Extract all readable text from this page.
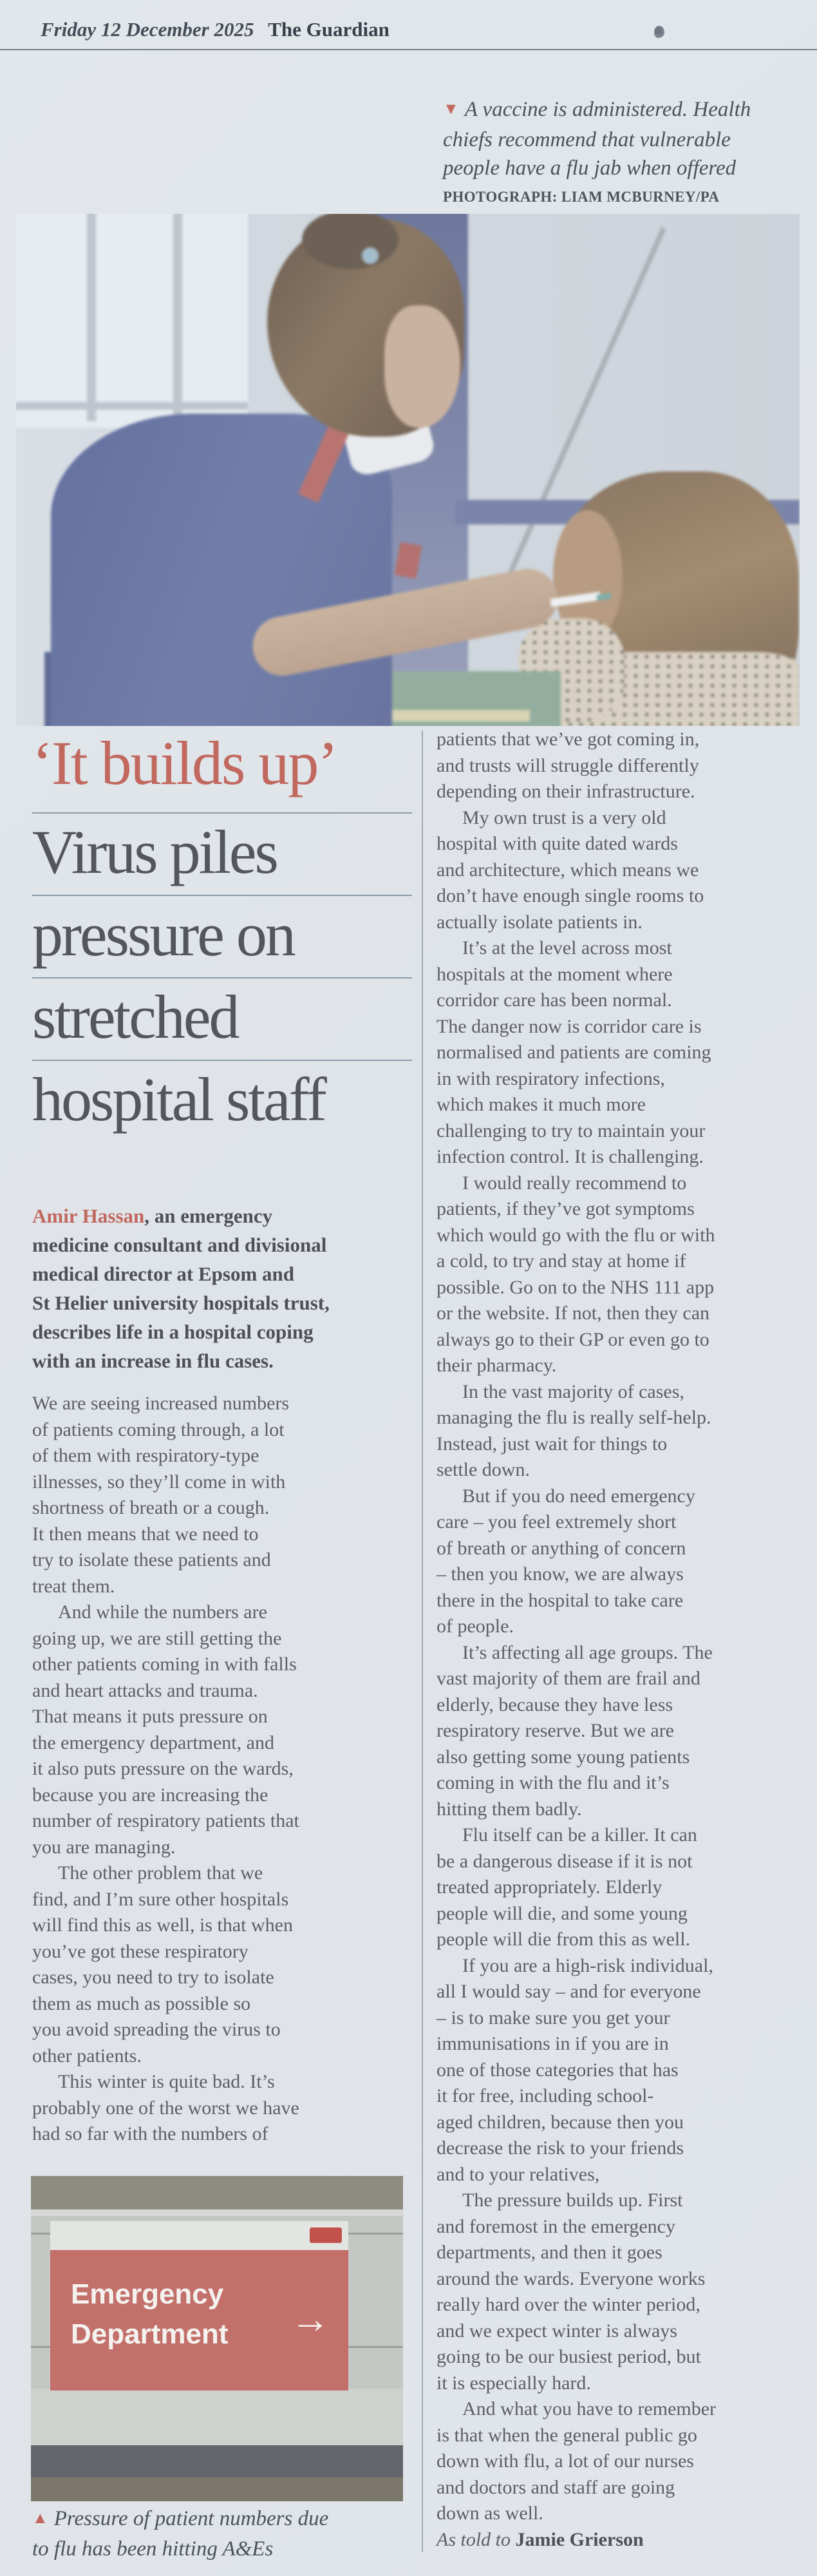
Friday 12 December 2025 The Guardian
▼ A vaccine is administered. Health
chiefs recommend that vulnerable
people have a flu jab when offered
PHOTOGRAPH: LIAM MCBURNEY/PA
‘It builds up’
Virus piles
pressure on
stretched
hospital staff
Amir Hassan, an emergency
medicine consultant and divisional
medical director at Epsom and
St Helier university hospitals trust,
describes life in a hospital coping
with an increase in flu cases.

We are seeing increased numbers
of patients coming through, a lot
of them with respiratory-type
illnesses, so they’ll come in with
shortness of breath or a cough.
It then means that we need to
try to isolate these patients and
treat them.

And while the numbers are
going up, we are still getting the
other patients coming in with falls
and heart attacks and trauma.
That means it puts pressure on
the emergency department, and
it also puts pressure on the wards,
because you are increasing the
number of respiratory patients that
you are managing.

The other problem that we
find, and I’m sure other hospitals
will find this as well, is that when
you’ve got these respiratory
cases, you need to try to isolate
them as much as possible so
you avoid spreading the virus to
other patients.

This winter is quite bad. It’s
probably one of the worst we have
had so far with the numbers of

patients that we’ve got coming in,
and trusts will struggle differently
depending on their infrastructure.

My own trust is a very old
hospital with quite dated wards
and architecture, which means we
don’t have enough single rooms to
actually isolate patients in.

It’s at the level across most
hospitals at the moment where
corridor care has been normal.
The danger now is corridor care is
normalised and patients are coming
in with respiratory infections,
which makes it much more
challenging to try to maintain your
infection control. It is challenging.

I would really recommend to
patients, if they’ve got symptoms
which would go with the flu or with
a cold, to try and stay at home if
possible. Go on to the NHS 111 app
or the website. If not, then they can
always go to their GP or even go to
their pharmacy.

In the vast majority of cases,
managing the flu is really self-help.
Instead, just wait for things to
settle down.

But if you do need emergency
care – you feel extremely short
of breath or anything of concern
– then you know, we are always
there in the hospital to take care
of people.

It’s affecting all age groups. The
vast majority of them are frail and
elderly, because they have less
respiratory reserve. But we are
also getting some young patients
coming in with the flu and it’s
hitting them badly.

Flu itself can be a killer. It can
be a dangerous disease if it is not
treated appropriately. Elderly
people will die, and some young
people will die from this as well.

If you are a high-risk individual,
all I would say – and for everyone
– is to make sure you get your
immunisations in if you are in
one of those categories that has
it for free, including school-
aged children, because then you
decrease the risk to your friends
and to your relatives,

The pressure builds up. First
and foremost in the emergency
departments, and then it goes
around the wards. Everyone works
really hard over the winter period,
and we expect winter is always
going to be our busiest period, but
it is especially hard.

And what you have to remember
is that when the general public go
down with flu, a lot of our nurses
and doctors and staff are going
down as well.

As told to Jamie Grierson
Emergency
Department →
▲ Pressure of patient numbers due
to flu has been hitting A&Es
